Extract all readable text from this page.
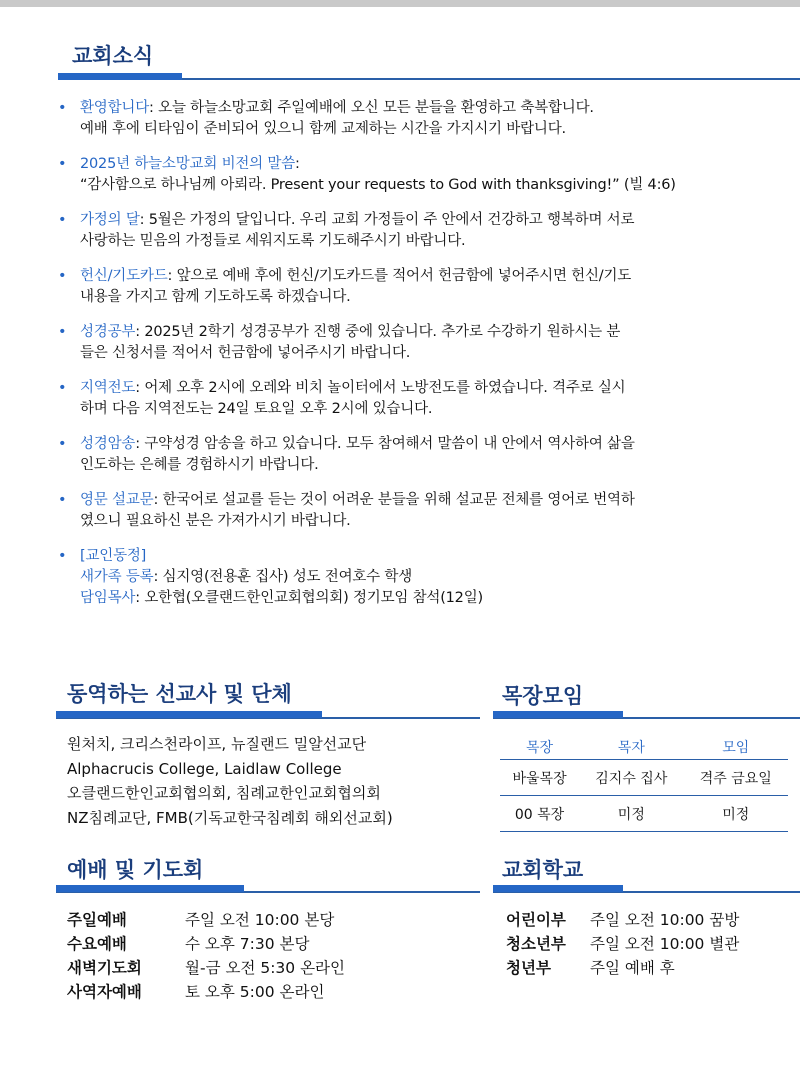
교회소식
• 환영합니다: 오늘 하늘소망교회 주일예배에 오신 모든 분들을 환영하고 축복합니다.
예배 후에 티타임이 준비되어 있으니 함께 교제하는 시간을 가지시기 바랍니다.
• 2025년 하늘소망교회 비전의 말씀:
“감사함으로 하나님께 아뢰라. Present your requests to God with thanksgiving!” (빌 4:6)
• 가정의 달: 5월은 가정의 달입니다. 우리 교회 가정들이 주 안에서 건강하고 행복하며 서로
사랑하는 믿음의 가정들로 세워지도록 기도해주시기 바랍니다.
• 헌신/기도카드: 앞으로 예배 후에 헌신/기도카드를 적어서 헌금함에 넣어주시면 헌신/기도
내용을 가지고 함께 기도하도록 하겠습니다.
• 성경공부: 2025년 2학기 성경공부가 진행 중에 있습니다. 추가로 수강하기 원하시는 분
들은 신청서를 적어서 헌금함에 넣어주시기 바랍니다.
• 지역전도: 어제 오후 2시에 오레와 비치 놀이터에서 노방전도를 하였습니다. 격주로 실시
하며 다음 지역전도는 24일 토요일 오후 2시에 있습니다.
• 성경암송: 구약성경 암송을 하고 있습니다. 모두 참여해서 말씀이 내 안에서 역사하여 삶을
인도하는 은혜를 경험하시기 바랍니다.
• 영문 설교문: 한국어로 설교를 듣는 것이 어려운 분들을 위해 설교문 전체를 영어로 번역하
였으니 필요하신 분은 가져가시기 바랍니다.
• [교인동정]
새가족 등록: 심지영(전용훈 집사) 성도 전여호수 학생
담임목사: 오한협(오클랜드한인교회협의회) 정기모임 참석(12일)
동역하는 선교사 및 단체
원처치, 크리스천라이프, 뉴질랜드 밀알선교단
Alphacrucis College, Laidlaw College
오클랜드한인교회협의회, 침례교한인교회협의회
NZ침례교단, FMB(기독교한국침례회 해외선교회)
목장모임
목장	목자	모임
바울목장	김지수 집사	격주 금요일
00 목장	미정	미정
예배 및 기도회
주일예배	주일 오전 10:00 본당
수요예배	수 오후 7:30 본당
새벽기도회	월-금 오전 5:30 온라인
사역자예배	토 오후 5:00 온라인
교회학교
어린이부 주일 오전 10:00 꿈방
청소년부 주일 오전 10:00 별관
청년부	주일 예배 후
